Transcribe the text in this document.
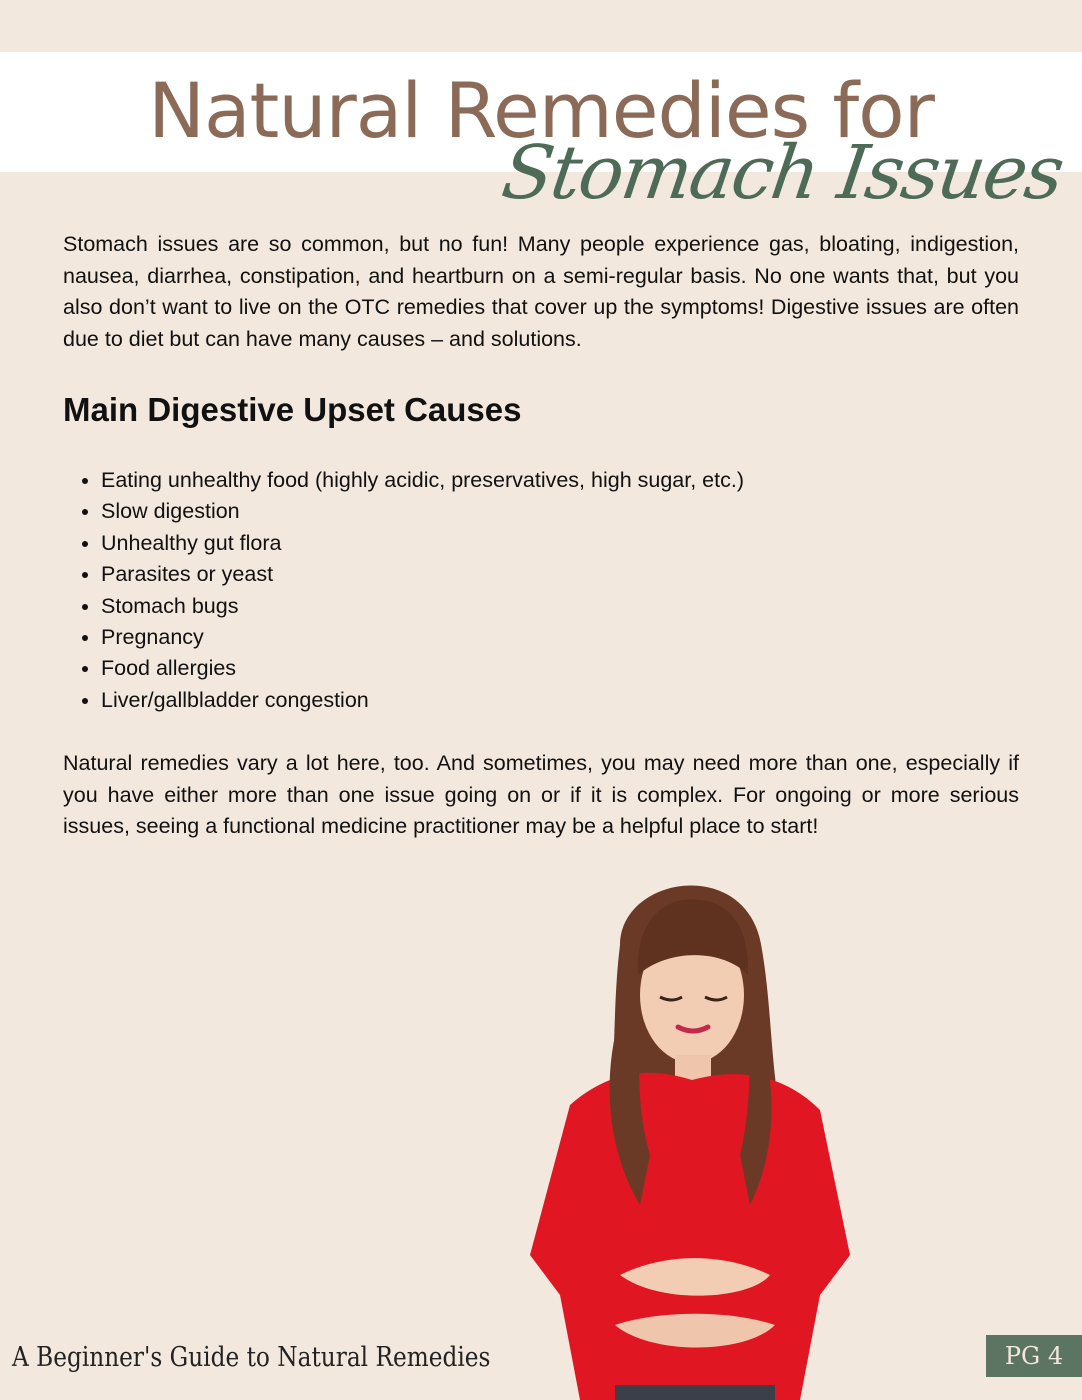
Natural Remedies for
Stomach Issues

Stomach issues are so common, but no fun! Many people experience gas, bloating, indigestion, nausea, diarrhea, constipation, and heartburn on a semi-regular basis. No one wants that, but you also don’t want to live on the OTC remedies that cover up the symptoms! Digestive issues are often due to diet but can have many causes – and solutions.

Main Digestive Upset Causes
• Eating unhealthy food (highly acidic, preservatives, high sugar, etc.)
• Slow digestion
• Unhealthy gut flora
• Parasites or yeast
• Stomach bugs
• Pregnancy
• Food allergies
• Liver/gallbladder congestion

Natural remedies vary a lot here, too. And sometimes, you may need more than one, especially if you have either more than one issue going on or if it is complex. For ongoing or more serious issues, seeing a functional medicine practitioner may be a helpful place to start!

A Beginner's Guide to Natural Remedies	PG 4
